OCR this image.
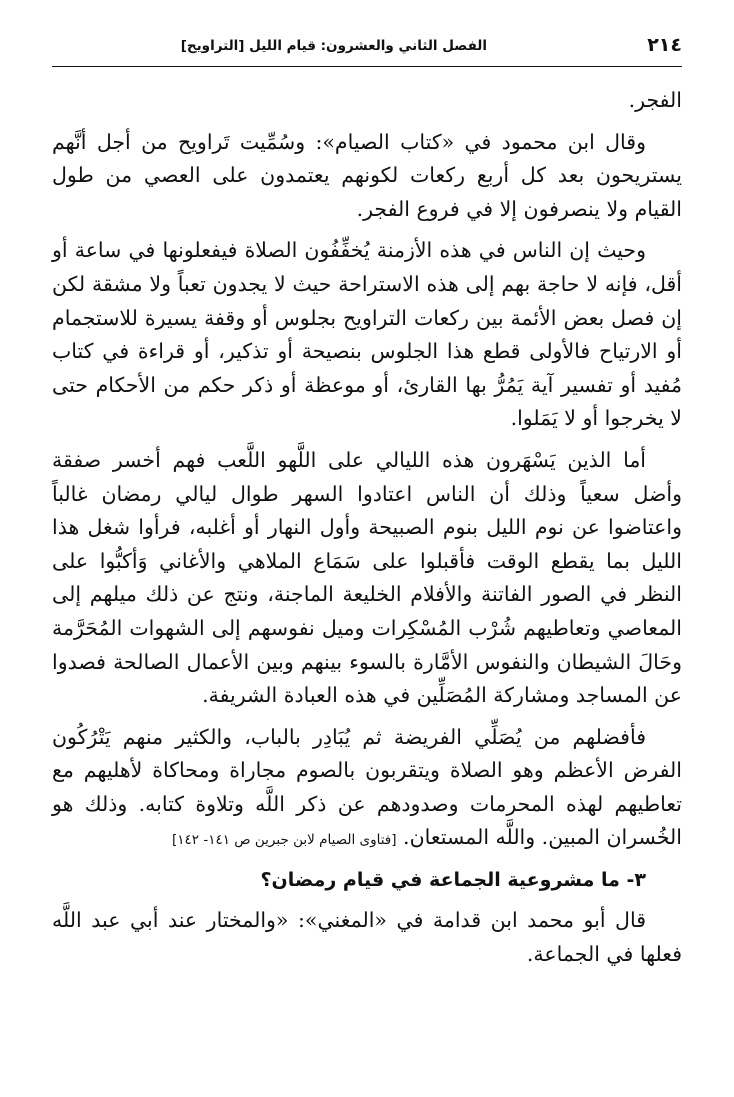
٢١٤
الفصل الثاني والعشرون: قيام الليل [التراويح]

الفجر.

وقال ابن محمود في «كتاب الصيام»: وسُمِّيت تَراويح من أجل أنَّهم يستريحون بعد كل أربع ركعات لكونهم يعتمدون على العصي من طول القيام ولا ينصرفون إلا في فروع الفجر.

وحيث إن الناس في هذه الأزمنة يُخفِّفُون الصلاة فيفعلونها في ساعة أو أقل، فإنه لا حاجة بهم إلى هذه الاستراحة حيث لا يجدون تعباً ولا مشقة لكن إن فصل بعض الأئمة بين ركعات التراويح بجلوس أو وقفة يسيرة للاستجمام أو الارتياح فالأولى قطع هذا الجلوس بنصيحة أو تذكير، أو قراءة في كتاب مُفيد أو تفسير آية يَمُرُّ بها القارئ، أو موعظة أو ذكر حكم من الأحكام حتى لا يخرجوا أو لا يَمَلوا.

أما الذين يَسْهَرون هذه الليالي على اللَّهو اللَّعب فهم أخسر صفقة وأضل سعياً وذلك أن الناس اعتادوا السهر طوال ليالي رمضان غالباً واعتاضوا عن نوم الليل بنوم الصبيحة وأول النهار أو أغلبه، فرأوا شغل هذا الليل بما يقطع الوقت فأقبلوا على سَمَاع الملاهي والأغاني وَأكبُّوا على النظر في الصور الفاتنة والأفلام الخليعة الماجنة، ونتج عن ذلك ميلهم إلى المعاصي وتعاطيهم شُرْب المُسْكِرات وميل نفوسهم إلى الشهوات المُحَرَّمة وحَالَ الشيطان والنفوس الأمَّارة بالسوء بينهم وبين الأعمال الصالحة فصدوا عن المساجد ومشاركة المُصَلِّين في هذه العبادة الشريفة.

فأفضلهم من يُصَلِّي الفريضة ثم يُبَادِر بالباب، والكثير منهم يَتْرُكُون الفرض الأعظم وهو الصلاة ويتقربون بالصوم مجاراة ومحاكاة لأهليهم مع تعاطيهم لهذه المحرمات وصدودهم عن ذكر اللَّه وتلاوة كتابه. وذلك هو الخُسران المبين. واللَّه المستعان. [فتاوى الصيام لابن جبرين ص ١٤١- ١٤٢]

٣- ما مشروعية الجماعة في قيام رمضان؟

قال أبو محمد ابن قدامة في «المغني»: «والمختار عند أبي عبد اللَّه فعلها في الجماعة.
